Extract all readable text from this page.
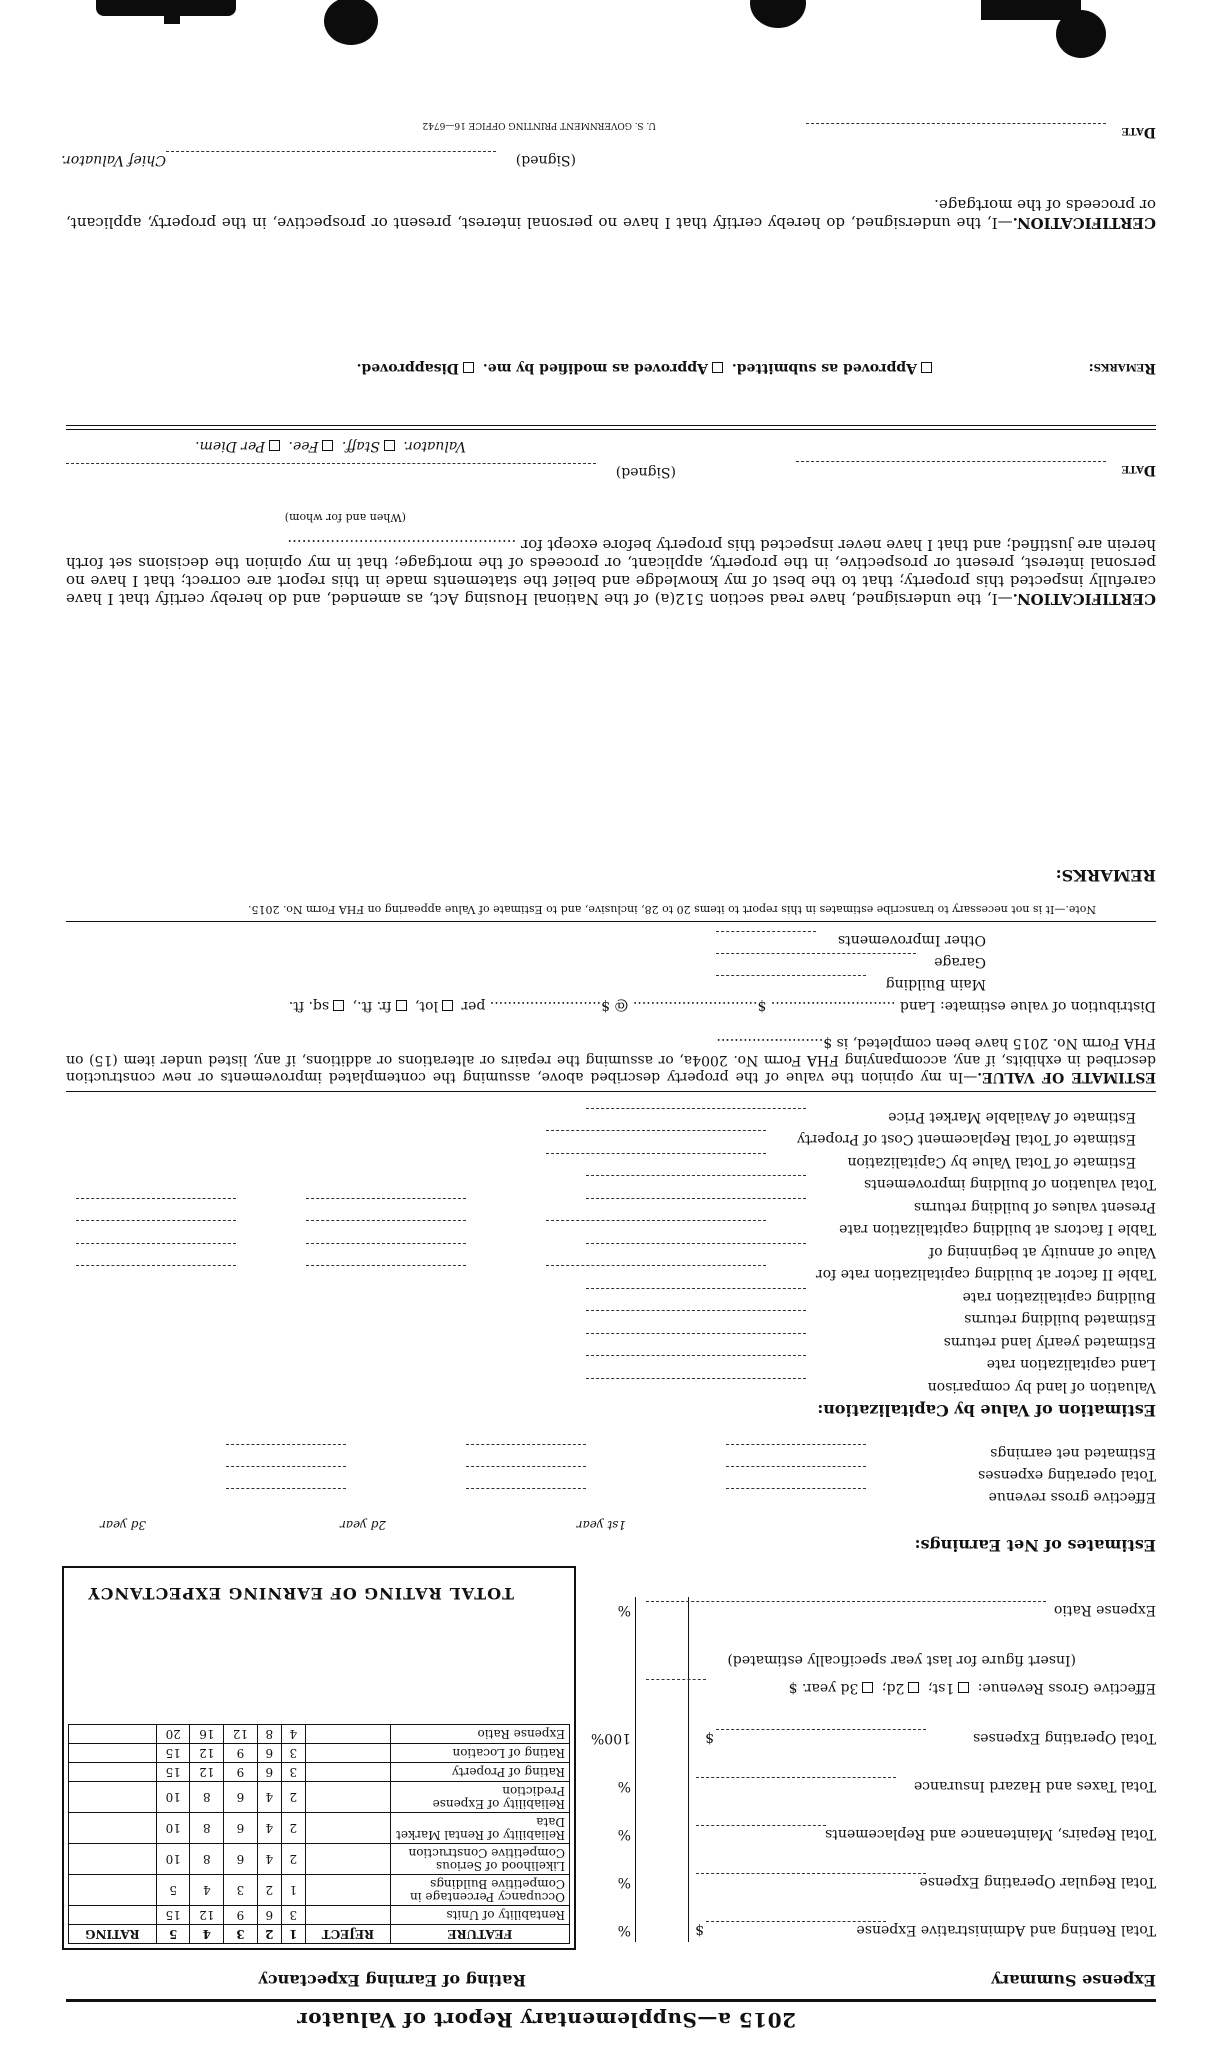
2015 a—Supplementary Report of Valuator
Expense Summary
Rating of Earning Expectancy
Total Renting and Administrative Expense
$
%
Total Regular Operating Expense
%
Total Repairs, Maintenance and Replacements
%
Total Taxes and Hazard Insurance
%
Total Operating Expenses
$
100%
Effective Gross Revenue: 1st; 2d; 3d year. $
(Insert figure for last year specifically estimated)
Expense Ratio
%
FEATURE	REJECT	1	2	3	4	5	RATING
Rentability of Units		3	6	9	12	15	
Occupancy Percentage in Competitive Buildings		1	2	3	4	5	
Likelihood of Serious Competitive Construction		2	4	6	8	10	
Reliability of Rental Market Data		2	4	6	8	10	
Reliability of Expense Prediction		2	4	6	8	10	
Rating of Property		3	6	9	12	15	
Rating of Location		3	6	9	12	15	
Expense Ratio		4	8	12	16	20	
TOTAL RATING OF EARNING EXPECTANCY
Estimates of Net Earnings:
1st year
2d year
3d year
Effective gross revenue
Total operating expenses
Estimated net earnings
Estimation of Value by Capitalization:
Valuation of land by comparison
Land capitalization rate
Estimated yearly land returns
Estimated building returns
Building capitalization rate
Table II factor at building capitalization rate for
Value of annuity at beginning of
Table I factors at building capitalization rate
Present values of building returns
Total valuation of building improvements
Estimate of Total Value by Capitalization
Estimate of Total Replacement Cost of Property
Estimate of Available Market Price
ESTIMATE OF VALUE.—In my opinion the value of the property described above, assuming the contemplated improvements or new construction described in exhibits, if any, accompanying FHA Form No. 2004a, or assuming the repairs or alterations or additions, if any, listed under item (15) on FHA Form No. 2015 have been completed, is $........................
Distribution of value estimate: Land ............................ $............................ @ $......................... per lot, fr. ft., sq. ft.
Main Building
Garage
Other Improvements
Note.—It is not necessary to transcribe estimates in this report to items 20 to 28, inclusive, and to Estimate of Value appearing on FHA Form No. 2015.
REMARKS:
CERTIFICATION.—I, the undersigned, have read section 512(a) of the National Housing Act, as amended, and do hereby certify that I have carefully inspected this property; that to the best of my knowledge and belief the statements made in this report are correct; that I have no personal interest, present or prospective, in the property, applicant, or proceeds of the mortgage; that in my opinion the decisions set forth herein are justified; and that I have never inspected this property before except for ................................................
(When and for whom)
Date
(Signed)
Valuator. Staff. Fee. Per Diem.
Remarks:
Approved as submitted. Approved as modified by me. Disapproved.
CERTIFICATION.—I, the undersigned, do hereby certify that I have no personal interest, present or prospective, in the property, applicant, or proceeds of the mortgage.
(Signed)
Chief Valuator.
Date
U. S. GOVERNMENT PRINTING OFFICE 16—6742
